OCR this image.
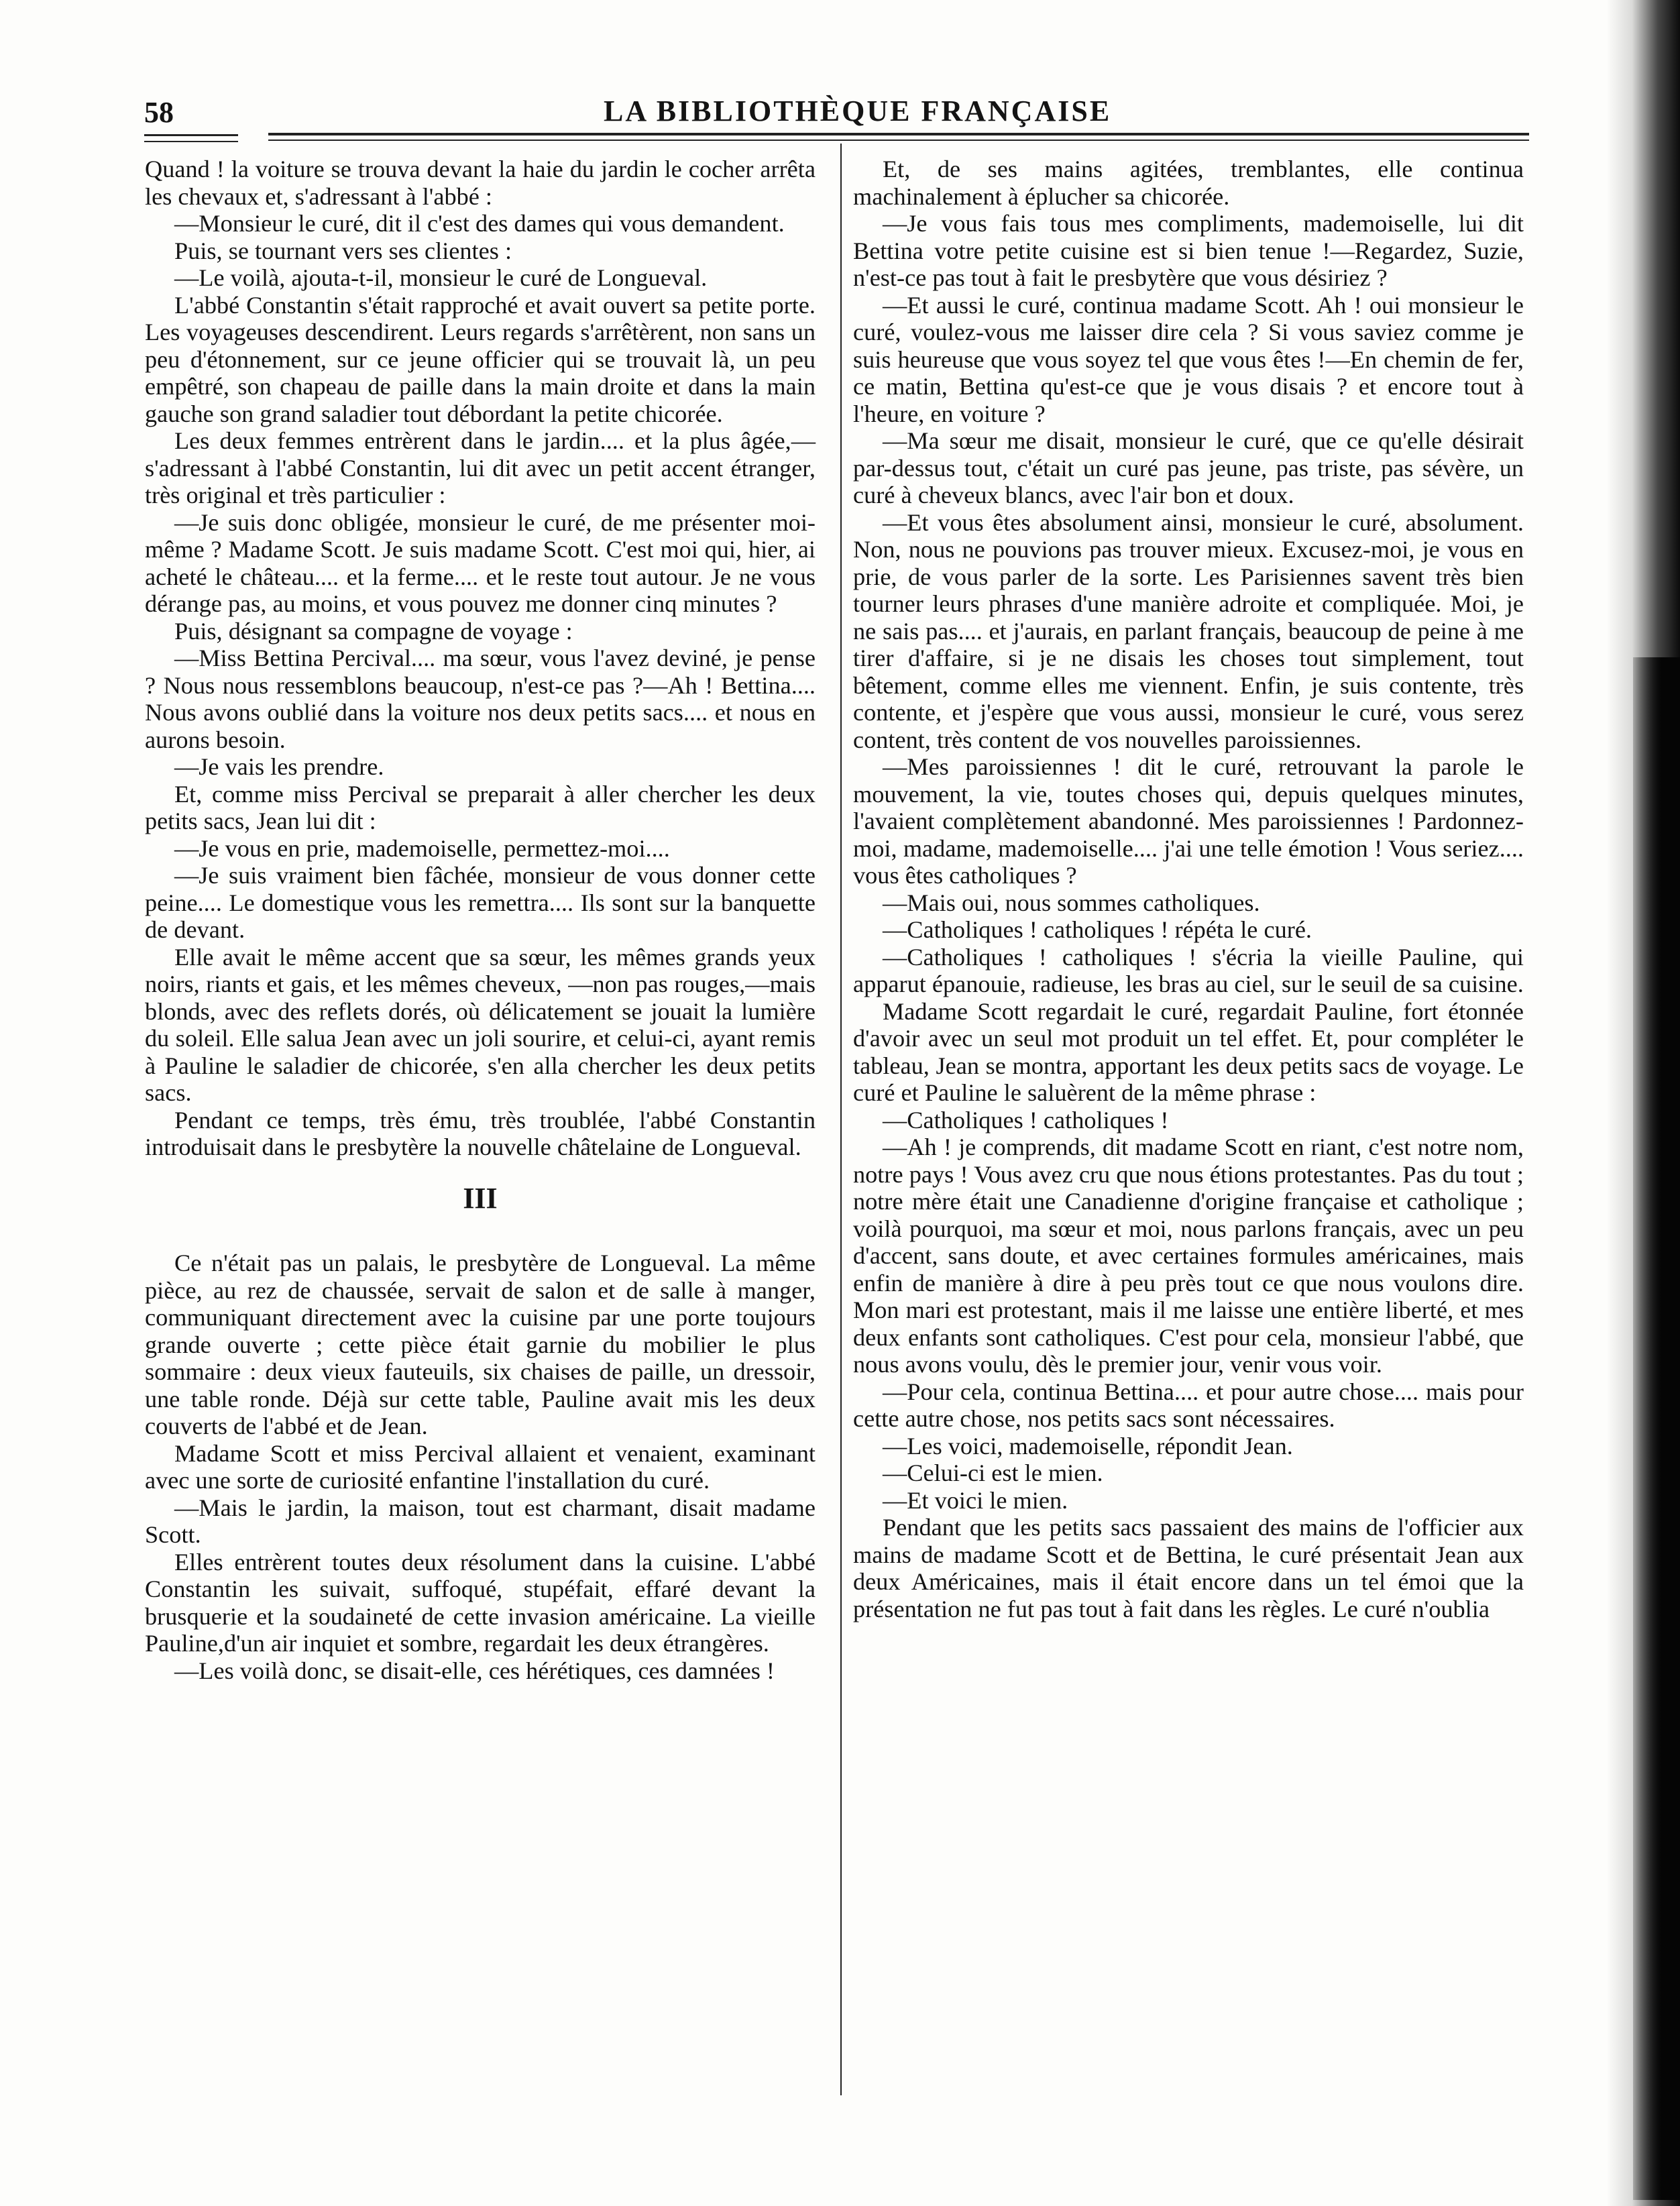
58	LA BIBLIOTHÈQUE FRANÇAISE

Quand ! la voiture se trouva devant la haie du jardin le cocher arrêta les chevaux et, s'adressant à l'abbé :

—Monsieur le curé, dit il c'est des dames qui vous demandent.

Puis, se tournant vers ses clientes :

—Le voilà, ajouta-t-il, monsieur le curé de Longueval.

L'abbé Constantin s'était rapproché et avait ouvert sa petite porte. Les voyageuses descendirent. Leurs regards s'arrêtèrent, non sans un peu d'étonnement, sur ce jeune officier qui se trouvait là, un peu empêtré, son chapeau de paille dans la main droite et dans la main gauche son grand saladier tout débordant la petite chicorée.

Les deux femmes entrèrent dans le jardin.... et la plus âgée,—s'adressant à l'abbé Constantin, lui dit avec un petit accent étranger, très original et très particulier :

—Je suis donc obligée, monsieur le curé, de me présenter moi-même ? Madame Scott. Je suis madame Scott. C'est moi qui, hier, ai acheté le château.... et la ferme.... et le reste tout autour. Je ne vous dérange pas, au moins, et vous pouvez me donner cinq minutes ?

Puis, désignant sa compagne de voyage :

—Miss Bettina Percival.... ma sœur, vous l'avez deviné, je pense ? Nous nous ressemblons beaucoup, n'est-ce pas ?—Ah ! Bettina.... Nous avons oublié dans la voiture nos deux petits sacs.... et nous en aurons besoin.

—Je vais les prendre.

Et, comme miss Percival se preparait à aller chercher les deux petits sacs, Jean lui dit :

—Je vous en prie, mademoiselle, permettez-moi....

—Je suis vraiment bien fâchée, monsieur de vous donner cette peine.... Le domestique vous les remettra.... Ils sont sur la banquette de devant.

Elle avait le même accent que sa sœur, les mêmes grands yeux noirs, riants et gais, et les mêmes cheveux, —non pas rouges,—mais blonds, avec des reflets dorés, où délicatement se jouait la lumière du soleil. Elle salua Jean avec un joli sourire, et celui-ci, ayant remis à Pauline le saladier de chicorée, s'en alla chercher les deux petits sacs.

Pendant ce temps, très ému, très troublée, l'abbé Constantin introduisait dans le presbytère la nouvelle châtelaine de Longueval.

III

Ce n'était pas un palais, le presbytère de Longueval. La même pièce, au rez de chaussée, servait de salon et de salle à manger, communiquant directement avec la cuisine par une porte toujours grande ouverte ; cette pièce était garnie du mobilier le plus sommaire : deux vieux fauteuils, six chaises de paille, un dressoir, une table ronde. Déjà sur cette table, Pauline avait mis les deux couverts de l'abbé et de Jean.

Madame Scott et miss Percival allaient et venaient, examinant avec une sorte de curiosité enfantine l'installation du curé.

—Mais le jardin, la maison, tout est charmant, disait madame Scott.

Elles entrèrent toutes deux résolument dans la cuisine. L'abbé Constantin les suivait, suffoqué, stupéfait, effaré devant la brusquerie et la soudaineté de cette invasion américaine. La vieille Pauline,d'un air inquiet et sombre, regardait les deux étrangères.

—Les voilà donc, se disait-elle, ces hérétiques, ces damnées !

Et, de ses mains agitées, tremblantes, elle continua machinalement à éplucher sa chicorée.

—Je vous fais tous mes compliments, mademoiselle, lui dit Bettina votre petite cuisine est si bien tenue !—Regardez, Suzie, n'est-ce pas tout à fait le presbytère que vous désiriez ?

—Et aussi le curé, continua madame Scott. Ah ! oui monsieur le curé, voulez-vous me laisser dire cela ? Si vous saviez comme je suis heureuse que vous soyez tel que vous êtes !—En chemin de fer, ce matin, Bettina qu'est-ce que je vous disais ? et encore tout à l'heure, en voiture ?

—Ma sœur me disait, monsieur le curé, que ce qu'elle désirait par-dessus tout, c'était un curé pas jeune, pas triste, pas sévère, un curé à cheveux blancs, avec l'air bon et doux.

—Et vous êtes absolument ainsi, monsieur le curé, absolument. Non, nous ne pouvions pas trouver mieux. Excusez-moi, je vous en prie, de vous parler de la sorte. Les Parisiennes savent très bien tourner leurs phrases d'une manière adroite et compliquée. Moi, je ne sais pas.... et j'aurais, en parlant français, beaucoup de peine à me tirer d'affaire, si je ne disais les choses tout simplement, tout bêtement, comme elles me viennent. Enfin, je suis contente, très contente, et j'espère que vous aussi, monsieur le curé, vous serez content, très content de vos nouvelles paroissiennes.

—Mes paroissiennes ! dit le curé, retrouvant la parole le mouvement, la vie, toutes choses qui, depuis quelques minutes, l'avaient complètement abandonné. Mes paroissiennes ! Pardonnez-moi, madame, mademoiselle.... j'ai une telle émotion ! Vous seriez.... vous êtes catholiques ?

—Mais oui, nous sommes catholiques.

—Catholiques ! catholiques ! répéta le curé.

—Catholiques ! catholiques ! s'écria la vieille Pauline, qui apparut épanouie, radieuse, les bras au ciel, sur le seuil de sa cuisine.

Madame Scott regardait le curé, regardait Pauline, fort étonnée d'avoir avec un seul mot produit un tel effet. Et, pour compléter le tableau, Jean se montra, apportant les deux petits sacs de voyage. Le curé et Pauline le saluèrent de la même phrase :

—Catholiques ! catholiques !

—Ah ! je comprends, dit madame Scott en riant, c'est notre nom, notre pays ! Vous avez cru que nous étions protestantes. Pas du tout ; notre mère était une Canadienne d'origine française et catholique ; voilà pourquoi, ma sœur et moi, nous parlons français, avec un peu d'accent, sans doute, et avec certaines formules américaines, mais enfin de manière à dire à peu près tout ce que nous voulons dire. Mon mari est protestant, mais il me laisse une entière liberté, et mes deux enfants sont catholiques. C'est pour cela, monsieur l'abbé, que nous avons voulu, dès le premier jour, venir vous voir.

—Pour cela, continua Bettina.... et pour autre chose.... mais pour cette autre chose, nos petits sacs sont nécessaires.

—Les voici, mademoiselle, répondit Jean.

—Celui-ci est le mien.

—Et voici le mien.

Pendant que les petits sacs passaient des mains de l'officier aux mains de madame Scott et de Bettina, le curé présentait Jean aux deux Américaines, mais il était encore dans un tel émoi que la présentation ne fut pas tout à fait dans les règles. Le curé n'oublia
